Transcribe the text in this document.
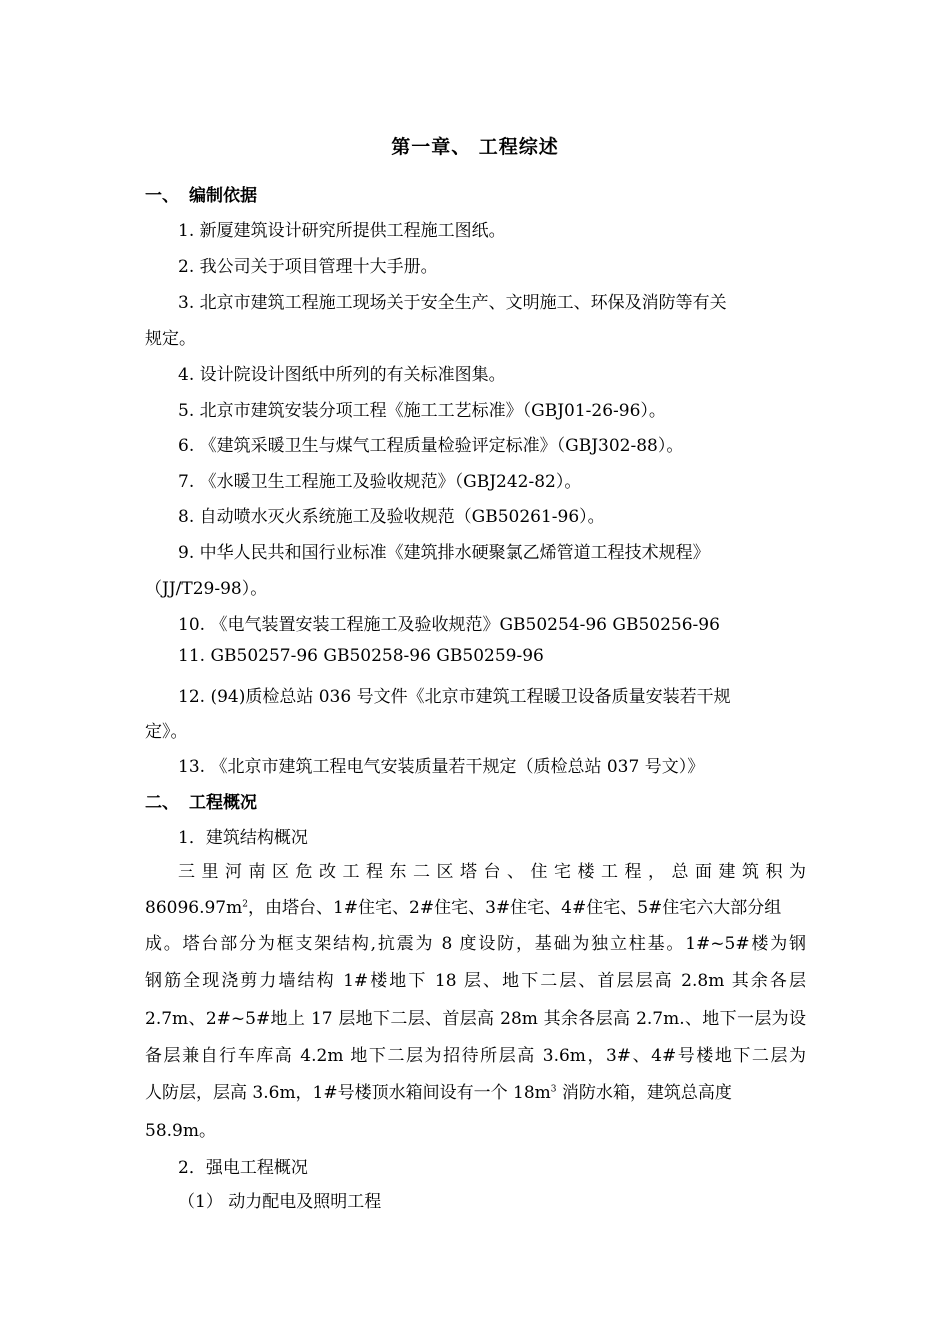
第一章、 工程综述
一、 编制依据
1. 新厦建筑设计研究所提供工程施工图纸。
2. 我公司关于项目管理十大手册。
3. 北京市建筑工程施工现场关于安全生产、文明施工、环保及消防等有关
规定。
4. 设计院设计图纸中所列的有关标准图集。
5. 北京市建筑安装分项工程《施工工艺标准》（GBJ01-26-96）。
6. 《建筑采暖卫生与煤气工程质量检验评定标准》（GBJ302-88）。
7. 《水暖卫生工程施工及验收规范》（GBJ242-82）。
8. 自动喷水灭火系统施工及验收规范（GB50261-96）。
9. 中华人民共和国行业标准《建筑排水硬聚氯乙烯管道工程技术规程》
（JJ/T29-98）。
10. 《电气装置安装工程施工及验收规范》GB50254-96 GB50256-96
11. GB50257-96 GB50258-96 GB50259-96
12. (94)质检总站 036 号文件《北京市建筑工程暖卫设备质量安装若干规
定》。
13. 《北京市建筑工程电气安装质量若干规定（质检总站 037 号文）》
二、 工程概况
1．建筑结构概况
三里河南区危改工程东二区塔台、住宅楼工程，总面建筑积为
$86096.97m^2$，由塔台、1#住宅、2#住宅、3#住宅、4#住宅、5#住宅六大部分组
成。塔台部分为框支架结构,抗震为 8 度设防，基础为独立柱基。1#~5#楼为钢
钢筋全现浇剪力墙结构 1#楼地下 18 层、地下二层、首层层高 2.8m 其余各层
2.7m、2#~5#地上 17 层地下二层、首层高 28m 其余各层高 2.7m.、地下一层为设
备层兼自行车库高 4.2m 地下二层为招待所层高 3.6m，3#、4#号楼地下二层为
人防层，层高 3.6m，1#号楼顶水箱间设有一个 $18m^3$ 消防水箱，建筑总高度
58.9m。
2．强电工程概况
（1） 动力配电及照明工程
